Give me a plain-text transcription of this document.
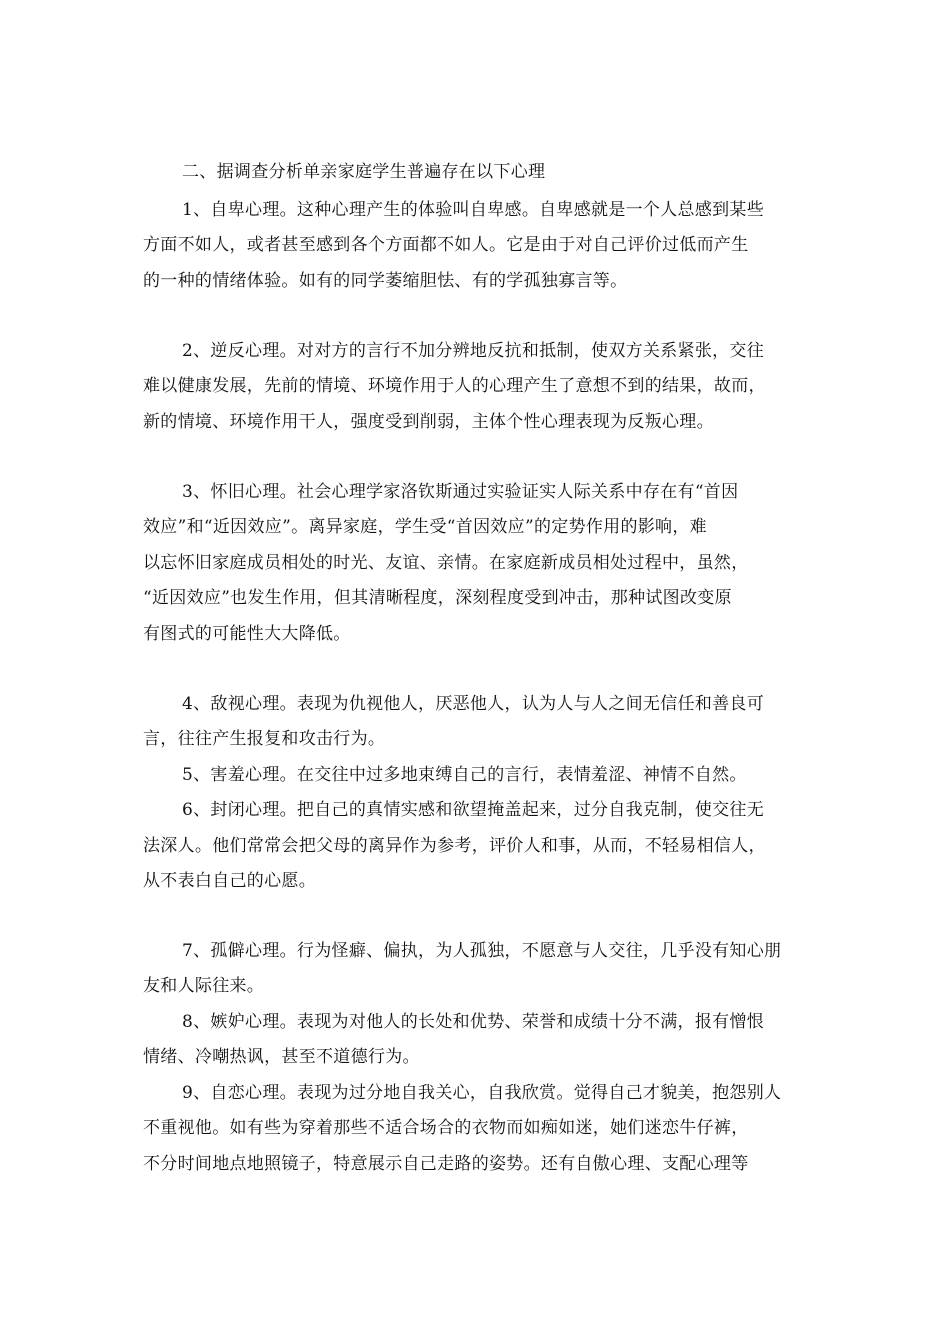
二、据调查分析单亲家庭学生普遍存在以下心理
1、自卑心理。这种心理产生的体验叫自卑感。自卑感就是一个人总感到某些
方面不如人，或者甚至感到各个方面都不如人。它是由于对自己评价过低而产生
的一种的情绪体验。如有的同学萎缩胆怯、有的学孤独寡言等。
2、逆反心理。对对方的言行不加分辨地反抗和抵制，使双方关系紧张，交往
难以健康发展，先前的情境、环境作用于人的心理产生了意想不到的结果，故而，
新的情境、环境作用干人，强度受到削弱，主体个性心理表现为反叛心理。
3、怀旧心理。社会心理学家洛钦斯通过实验证实人际关系中存在有“首因
效应”和“近因效应”。离异家庭，学生受“首因效应”的定势作用的影响，难
以忘怀旧家庭成员相处的时光、友谊、亲情。在家庭新成员相处过程中，虽然，
“近因效应”也发生作用，但其清晰程度，深刻程度受到冲击，那种试图改变原
有图式的可能性大大降低。
4、敌视心理。表现为仇视他人，厌恶他人，认为人与人之间无信任和善良可
言，往往产生报复和攻击行为。
5、害羞心理。在交往中过多地束缚自己的言行，表情羞涩、神情不自然。
6、封闭心理。把自己的真情实感和欲望掩盖起来，过分自我克制，使交往无
法深人。他们常常会把父母的离异作为参考，评价人和事，从而，不轻易相信人，
从不表白自己的心愿。
7、孤僻心理。行为怪癖、偏执，为人孤独，不愿意与人交往，几乎没有知心朋
友和人际往来。
8、嫉妒心理。表现为对他人的长处和优势、荣誉和成绩十分不满，报有憎恨
情绪、冷嘲热讽，甚至不道德行为。
9、自恋心理。表现为过分地自我关心，自我欣赏。觉得自己才貌美，抱怨别人
不重视他。如有些为穿着那些不适合场合的衣物而如痴如迷，她们迷恋牛仔裤，
不分时间地点地照镜子，特意展示自己走路的姿势。还有自傲心理、支配心理等
